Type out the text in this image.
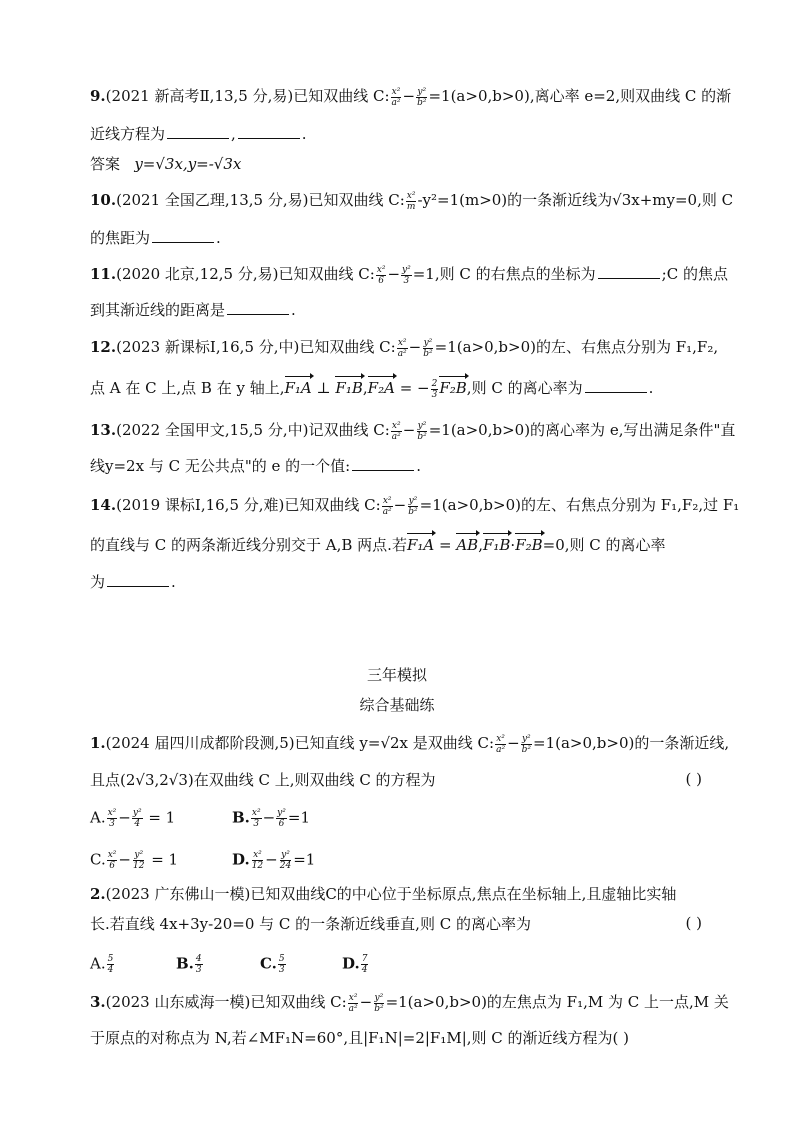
9.(2021 新高考Ⅱ,13,5 分,易)已知双曲线 C: $\frac{\text{x²}}{\text{a²}} - \frac{\text{y²}}{\text{b²}} =1(a>0,b>0)$,离心率 e=2,则双曲线 C 的渐
近线方程为	,	.
答案 y=√3x,y=-√3x
10.(2021 全国乙理,13,5 分,易)已知双曲线 C: $\frac{\text{x²}}{m} -y^2=1(m>0)$的一条渐近线为√3x+my=0,则 C
的焦距为	.
11.(2020 北京,12,5 分,易)已知双曲线 C: $\frac{\text{x²}}{6} - \frac{\text{y²}}{3} =1$,则 C 的右焦点的坐标为	;C 的焦点
到其渐近线的距离是	.
12.(2023 新课标Ⅰ,16,5 分,中)已知双曲线 C: $\frac{\text{x²}}{\text{a²}} - \frac{\text{y²}}{\text{b²}} =1(a>0,b>0)$的左、右焦点分别为 F₁,F₂,
点 A 在 C 上,点 B 在 y 轴上,F₁A ⊥ F₁B,F₂A = − $\frac{2}{3} F_2B$,则 C 的离心率为	.
13.(2022 全国甲文,15,5 分,中)记双曲线 C: $\frac{\text{x²}}{\text{a²}} - \frac{\text{y²}}{\text{b²}} =1(a>0,b>0)$的离心率为 e,写出满足条件"直
线y=2x 与 C 无公共点"的 e 的一个值:	.
14.(2019 课标Ⅰ,16,5 分,难)已知双曲线 C: $\frac{\text{x²}}{\text{a²}} - \frac{\text{y²}}{\text{b²}} =1(a>0,b>0)$的左、右焦点分别为 F₁,F₂,过 F₁
的直线与 C 的两条渐近线分别交于 A,B 两点.若F₁A = AB,F₁B·F₂B=0,则 C 的离心率
为	.
三年模拟
综合基础练
1.(2024 届四川成都阶段测,5)已知直线 y=√2x 是双曲线 C: $\frac{\text{x²}}{\text{a²}} - \frac{\text{y²}}{\text{b²}} =1(a>0,b>0)$的一条渐近线,
且点(2√3,2√3)在双曲线 C 上,则双曲线 C 的方程为	( )
A. $\frac{\text{x²}}{3} - \frac{\text{y²}}{4} = 1$	B. $\frac{\text{x²}}{3} - \frac{\text{y²}}{6} =1$
C. $\frac{\text{x²}}{6} - \frac{\text{y²}}{12} = 1$	D. $\frac{\text{x²}}{12} - \frac{\text{y²}}{24} =1$
2.(2023 广东佛山一模)已知双曲线C的中心位于坐标原点,焦点在坐标轴上,且虚轴比实轴
长.若直线 4x+3y-20=0 与 C 的一条渐近线垂直,则 C 的离心率为	( )
A. $\frac{5}{4}$	B. $\frac{4}{3}$	C. $\frac{5}{3}$	D. $\frac{7}{4}$
3.(2023 山东威海一模)已知双曲线 C: $\frac{\text{x²}}{\text{a²}} - \frac{\text{y²}}{\text{b²}} =1(a>0,b>0)$的左焦点为 F₁,M 为 C 上一点,M 关
于原点的对称点为 N,若∠MF₁N=60°,且|F₁N|=2|F₁M|,则 C 的渐近线方程为( )
